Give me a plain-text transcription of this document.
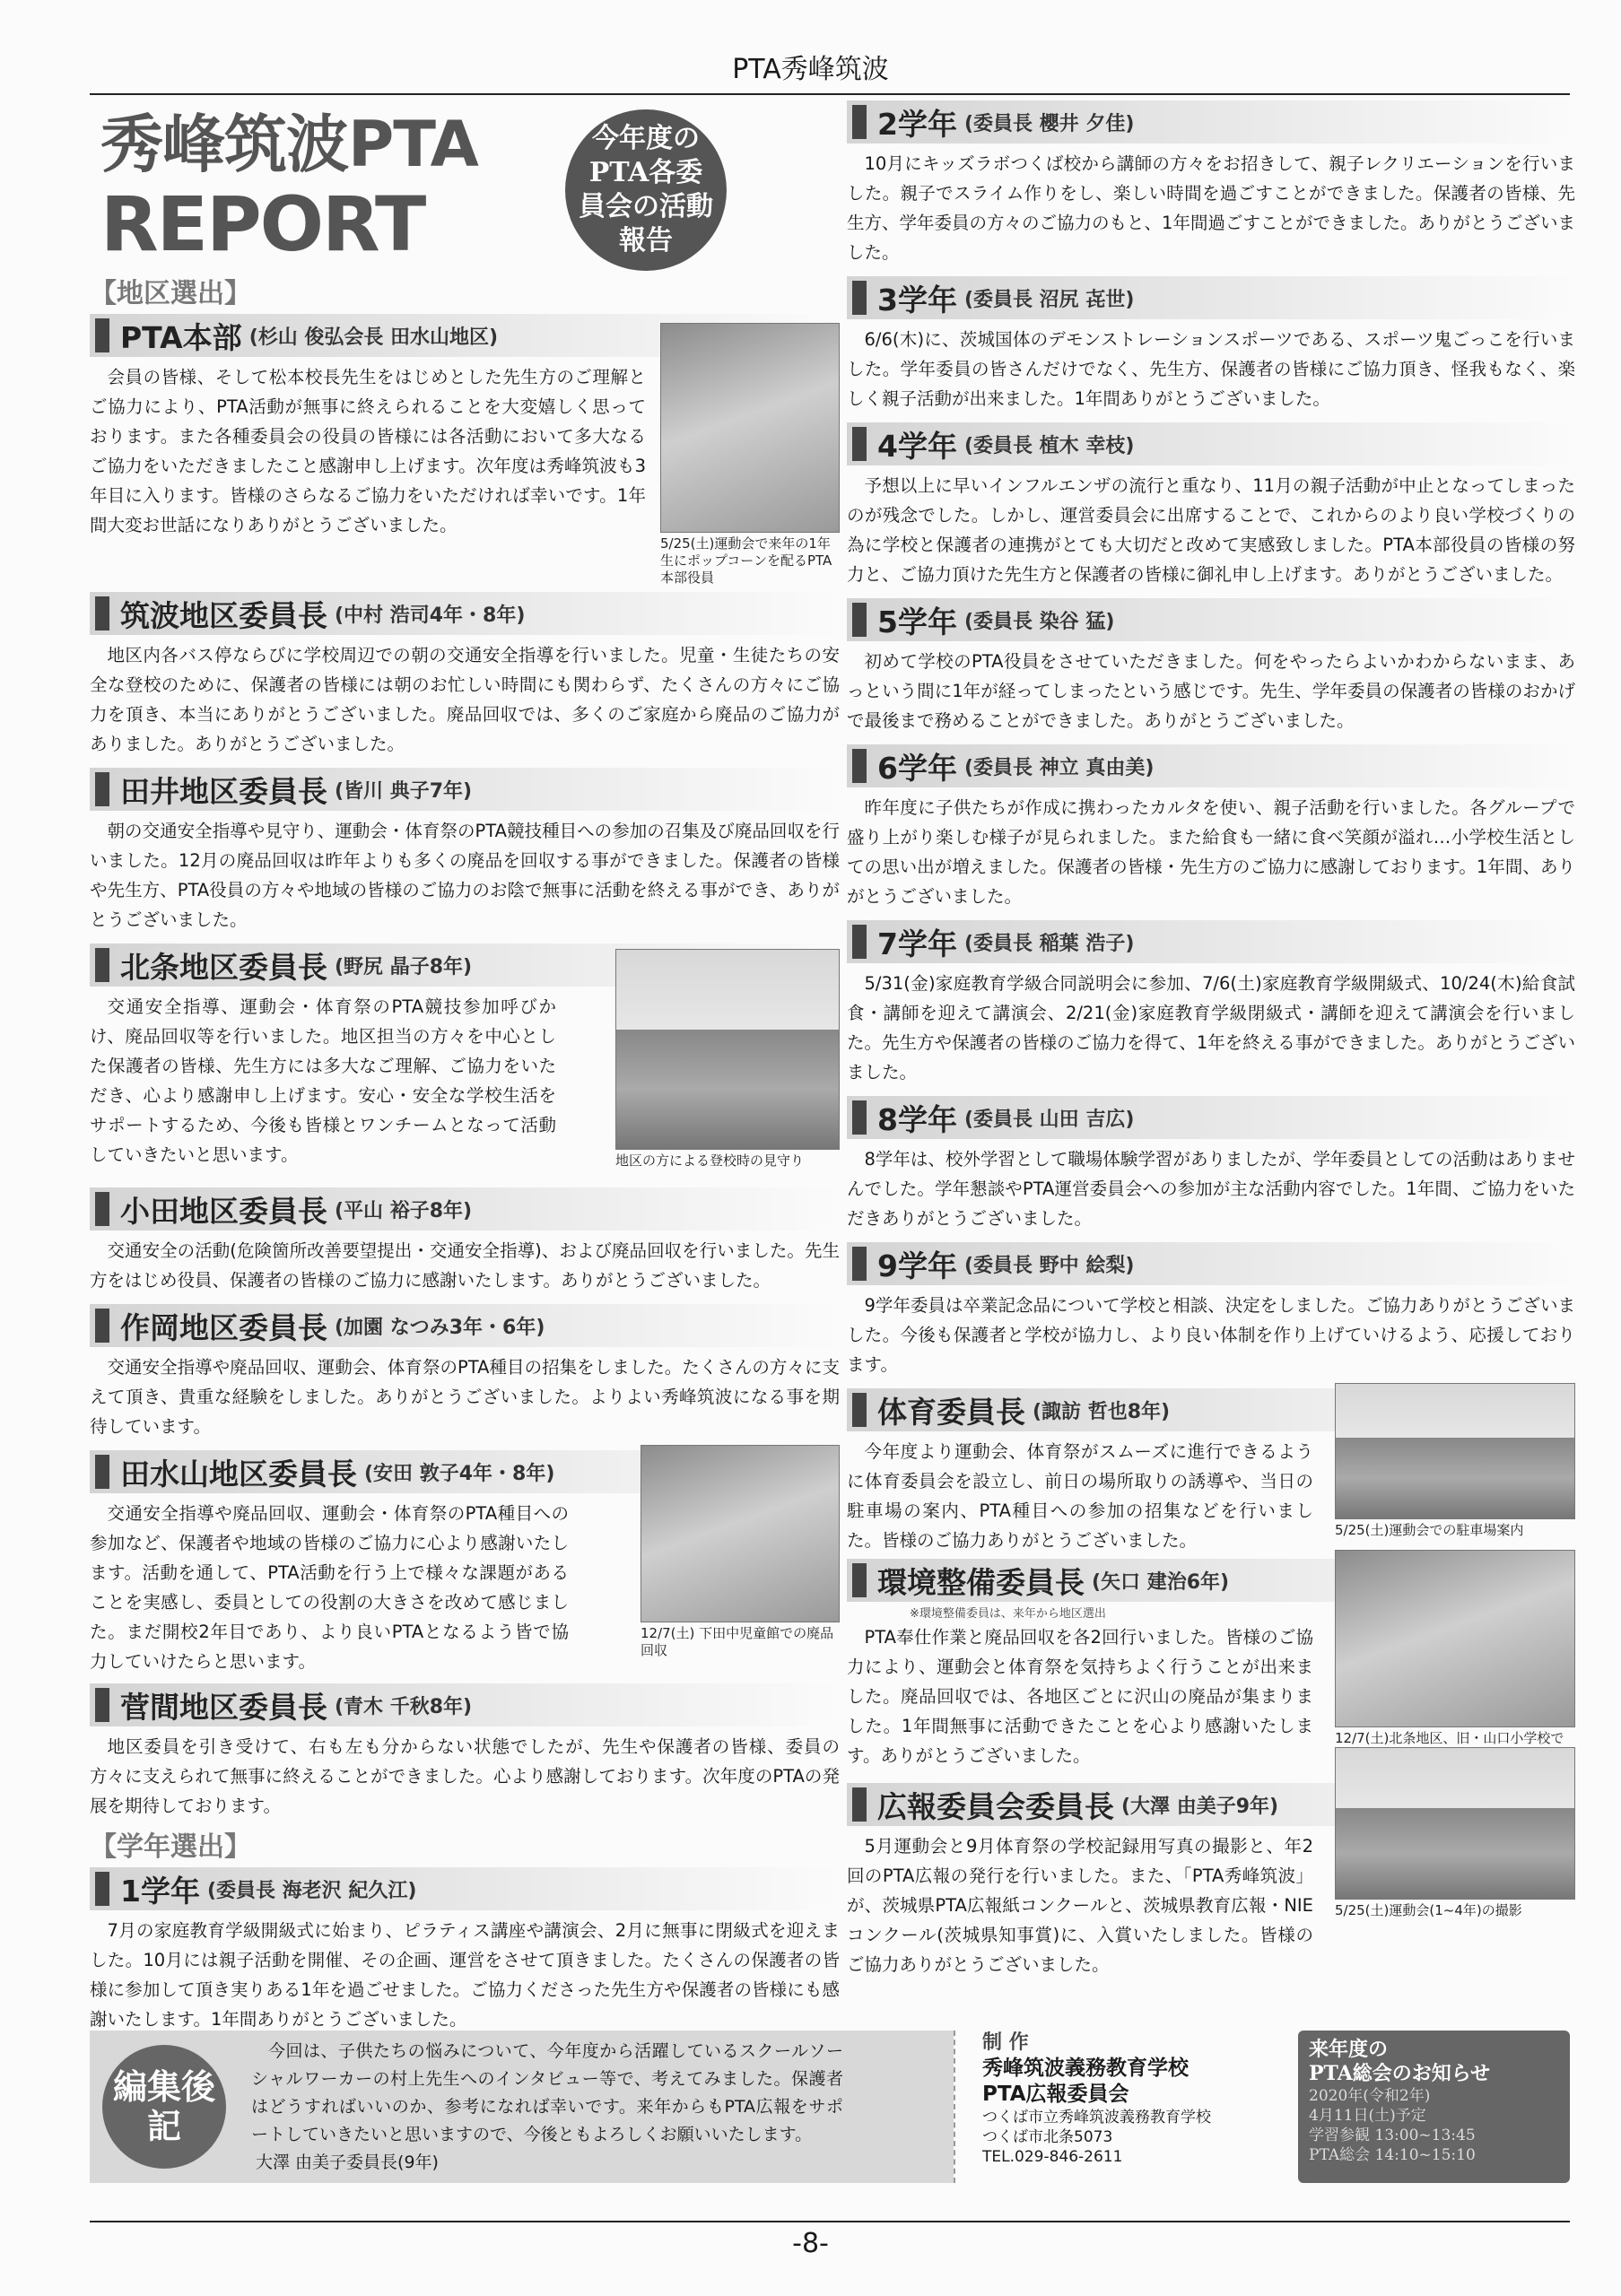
PTA秀峰筑波
秀峰筑波PTA
REPORT
今年度のPTA各委員会の活動報告
【地区選出】
PTA本部 (杉山 俊弘会長 田水山地区)
5/25(土)運動会で来年の1年生にポップコーンを配るPTA本部役員
会員の皆様、そして松本校長先生をはじめとした先生方のご理解とご協力により、PTA活動が無事に終えられることを大変嬉しく思っております。また各種委員会の役員の皆様には各活動において多大なるご協力をいただきましたこと感謝申し上げます。次年度は秀峰筑波も3年目に入ります。皆様のさらなるご協力をいただければ幸いです。1年間大変お世話になりありがとうございました。
筑波地区委員長 (中村 浩司4年・8年)
地区内各バス停ならびに学校周辺での朝の交通安全指導を行いました。児童・生徒たちの安全な登校のために、保護者の皆様には朝のお忙しい時間にも関わらず、たくさんの方々にご協力を頂き、本当にありがとうございました。廃品回収では、多くのご家庭から廃品のご協力がありました。ありがとうございました。
田井地区委員長 (皆川 典子7年)
朝の交通安全指導や見守り、運動会・体育祭のPTA競技種目への参加の召集及び廃品回収を行いました。12月の廃品回収は昨年よりも多くの廃品を回収する事ができました。保護者の皆様や先生方、PTA役員の方々や地域の皆様のご協力のお陰で無事に活動を終える事ができ、ありがとうございました。
北条地区委員長 (野尻 晶子8年)
地区の方による登校時の見守り
交通安全指導、運動会・体育祭のPTA競技参加呼びかけ、廃品回収等を行いました。地区担当の方々を中心とした保護者の皆様、先生方には多大なご理解、ご協力をいただき、心より感謝申し上げます。安心・安全な学校生活をサポートするため、今後も皆様とワンチームとなって活動していきたいと思います。
小田地区委員長 (平山 裕子8年)
交通安全の活動(危険箇所改善要望提出・交通安全指導)、および廃品回収を行いました。先生方をはじめ役員、保護者の皆様のご協力に感謝いたします。ありがとうございました。
作岡地区委員長 (加園 なつみ3年・6年)
交通安全指導や廃品回収、運動会、体育祭のPTA種目の招集をしました。たくさんの方々に支えて頂き、貴重な経験をしました。ありがとうございました。よりよい秀峰筑波になる事を期待しています。
田水山地区委員長 (安田 敦子4年・8年)
12/7(土) 下田中児童館での廃品回収
交通安全指導や廃品回収、運動会・体育祭のPTA種目への参加など、保護者や地域の皆様のご協力に心より感謝いたします。活動を通して、PTA活動を行う上で様々な課題があることを実感し、委員としての役割の大きさを改めて感じました。まだ開校2年目であり、より良いPTAとなるよう皆で協力していけたらと思います。
菅間地区委員長 (青木 千秋8年)
地区委員を引き受けて、右も左も分からない状態でしたが、先生や保護者の皆様、委員の方々に支えられて無事に終えることができました。心より感謝しております。次年度のPTAの発展を期待しております。
【学年選出】
1学年 (委員長 海老沢 紀久江)
7月の家庭教育学級開級式に始まり、ピラティス講座や講演会、2月に無事に閉級式を迎えました。10月には親子活動を開催、その企画、運営をさせて頂きました。たくさんの保護者の皆様に参加して頂き実りある1年を過ごせました。ご協力くださった先生方や保護者の皆様にも感謝いたします。1年間ありがとうございました。
2学年 (委員長 櫻井 夕佳)
10月にキッズラボつくば校から講師の方々をお招きして、親子レクリエーションを行いました。親子でスライム作りをし、楽しい時間を過ごすことができました。保護者の皆様、先生方、学年委員の方々のご協力のもと、1年間過ごすことができました。ありがとうございました。
3学年 (委員長 沼尻 㐂世)
6/6(木)に、茨城国体のデモンストレーションスポーツである、スポーツ鬼ごっこを行いました。学年委員の皆さんだけでなく、先生方、保護者の皆様にご協力頂き、怪我もなく、楽しく親子活動が出来ました。1年間ありがとうございました。
4学年 (委員長 植木 幸枝)
予想以上に早いインフルエンザの流行と重なり、11月の親子活動が中止となってしまったのが残念でした。しかし、運営委員会に出席することで、これからのより良い学校づくりの為に学校と保護者の連携がとても大切だと改めて実感致しました。PTA本部役員の皆様の努力と、ご協力頂けた先生方と保護者の皆様に御礼申し上げます。ありがとうございました。
5学年 (委員長 染谷 猛)
初めて学校のPTA役員をさせていただきました。何をやったらよいかわからないまま、あっという間に1年が経ってしまったという感じです。先生、学年委員の保護者の皆様のおかげで最後まで務めることができました。ありがとうございました。
6学年 (委員長 神立 真由美)
昨年度に子供たちが作成に携わったカルタを使い、親子活動を行いました。各グループで盛り上がり楽しむ様子が見られました。また給食も一緒に食べ笑顔が溢れ…小学校生活としての思い出が増えました。保護者の皆様・先生方のご協力に感謝しております。1年間、ありがとうございました。
7学年 (委員長 稲葉 浩子)
5/31(金)家庭教育学級合同説明会に参加、7/6(土)家庭教育学級開級式、10/24(木)給食試食・講師を迎えて講演会、2/21(金)家庭教育学級閉級式・講師を迎えて講演会を行いました。先生方や保護者の皆様のご協力を得て、1年を終える事ができました。ありがとうございました。
8学年 (委員長 山田 吉広)
8学年は、校外学習として職場体験学習がありましたが、学年委員としての活動はありませんでした。学年懇談やPTA運営委員会への参加が主な活動内容でした。1年間、ご協力をいただきありがとうございました。
9学年 (委員長 野中 絵梨)
9学年委員は卒業記念品について学校と相談、決定をしました。ご協力ありがとうございました。今後も保護者と学校が協力し、より良い体制を作り上げていけるよう、応援しております。
体育委員長 (諏訪 哲也8年)
5/25(土)運動会での駐車場案内
今年度より運動会、体育祭がスムーズに進行できるように体育委員会を設立し、前日の場所取りの誘導や、当日の駐車場の案内、PTA種目への参加の招集などを行いました。皆様のご協力ありがとうございました。
環境整備委員長 (矢口 建治6年)
12/7(土)北条地区、旧・山口小学校で
※環境整備委員は、来年から地区選出
PTA奉仕作業と廃品回収を各2回行いました。皆様のご協力により、運動会と体育祭を気持ちよく行うことが出来ました。廃品回収では、各地区ごとに沢山の廃品が集まりました。1年間無事に活動できたことを心より感謝いたします。ありがとうございました。
広報委員会委員長 (大澤 由美子9年)
5/25(土)運動会(1~4年)の撮影
5月運動会と9月体育祭の学校記録用写真の撮影と、年2回のPTA広報の発行を行いました。また、「PTA秀峰筑波」が、茨城県PTA広報紙コンクールと、茨城県教育広報・NIEコンクール(茨城県知事賞)に、入賞いたしました。皆様のご協力ありがとうございました。
編集後記
今回は、子供たちの悩みについて、今年度から活躍しているスクールソーシャルワーカーの村上先生へのインタビュー等で、考えてみました。保護者はどうすればいいのか、参考になれば幸いです。来年からもPTA広報をサポートしていきたいと思いますので、今後ともよろしくお願いいたします。
大澤 由美子委員長(9年)
制 作
秀峰筑波義務教育学校
PTA広報委員会
つくば市立秀峰筑波義務教育学校
つくば市北条5073
TEL.029-846-2611
来年度の
PTA総会のお知らせ
2020年(令和2年)
4月11日(土)予定
学習参観 13:00~13:45
PTA総会 14:10~15:10
-8-
